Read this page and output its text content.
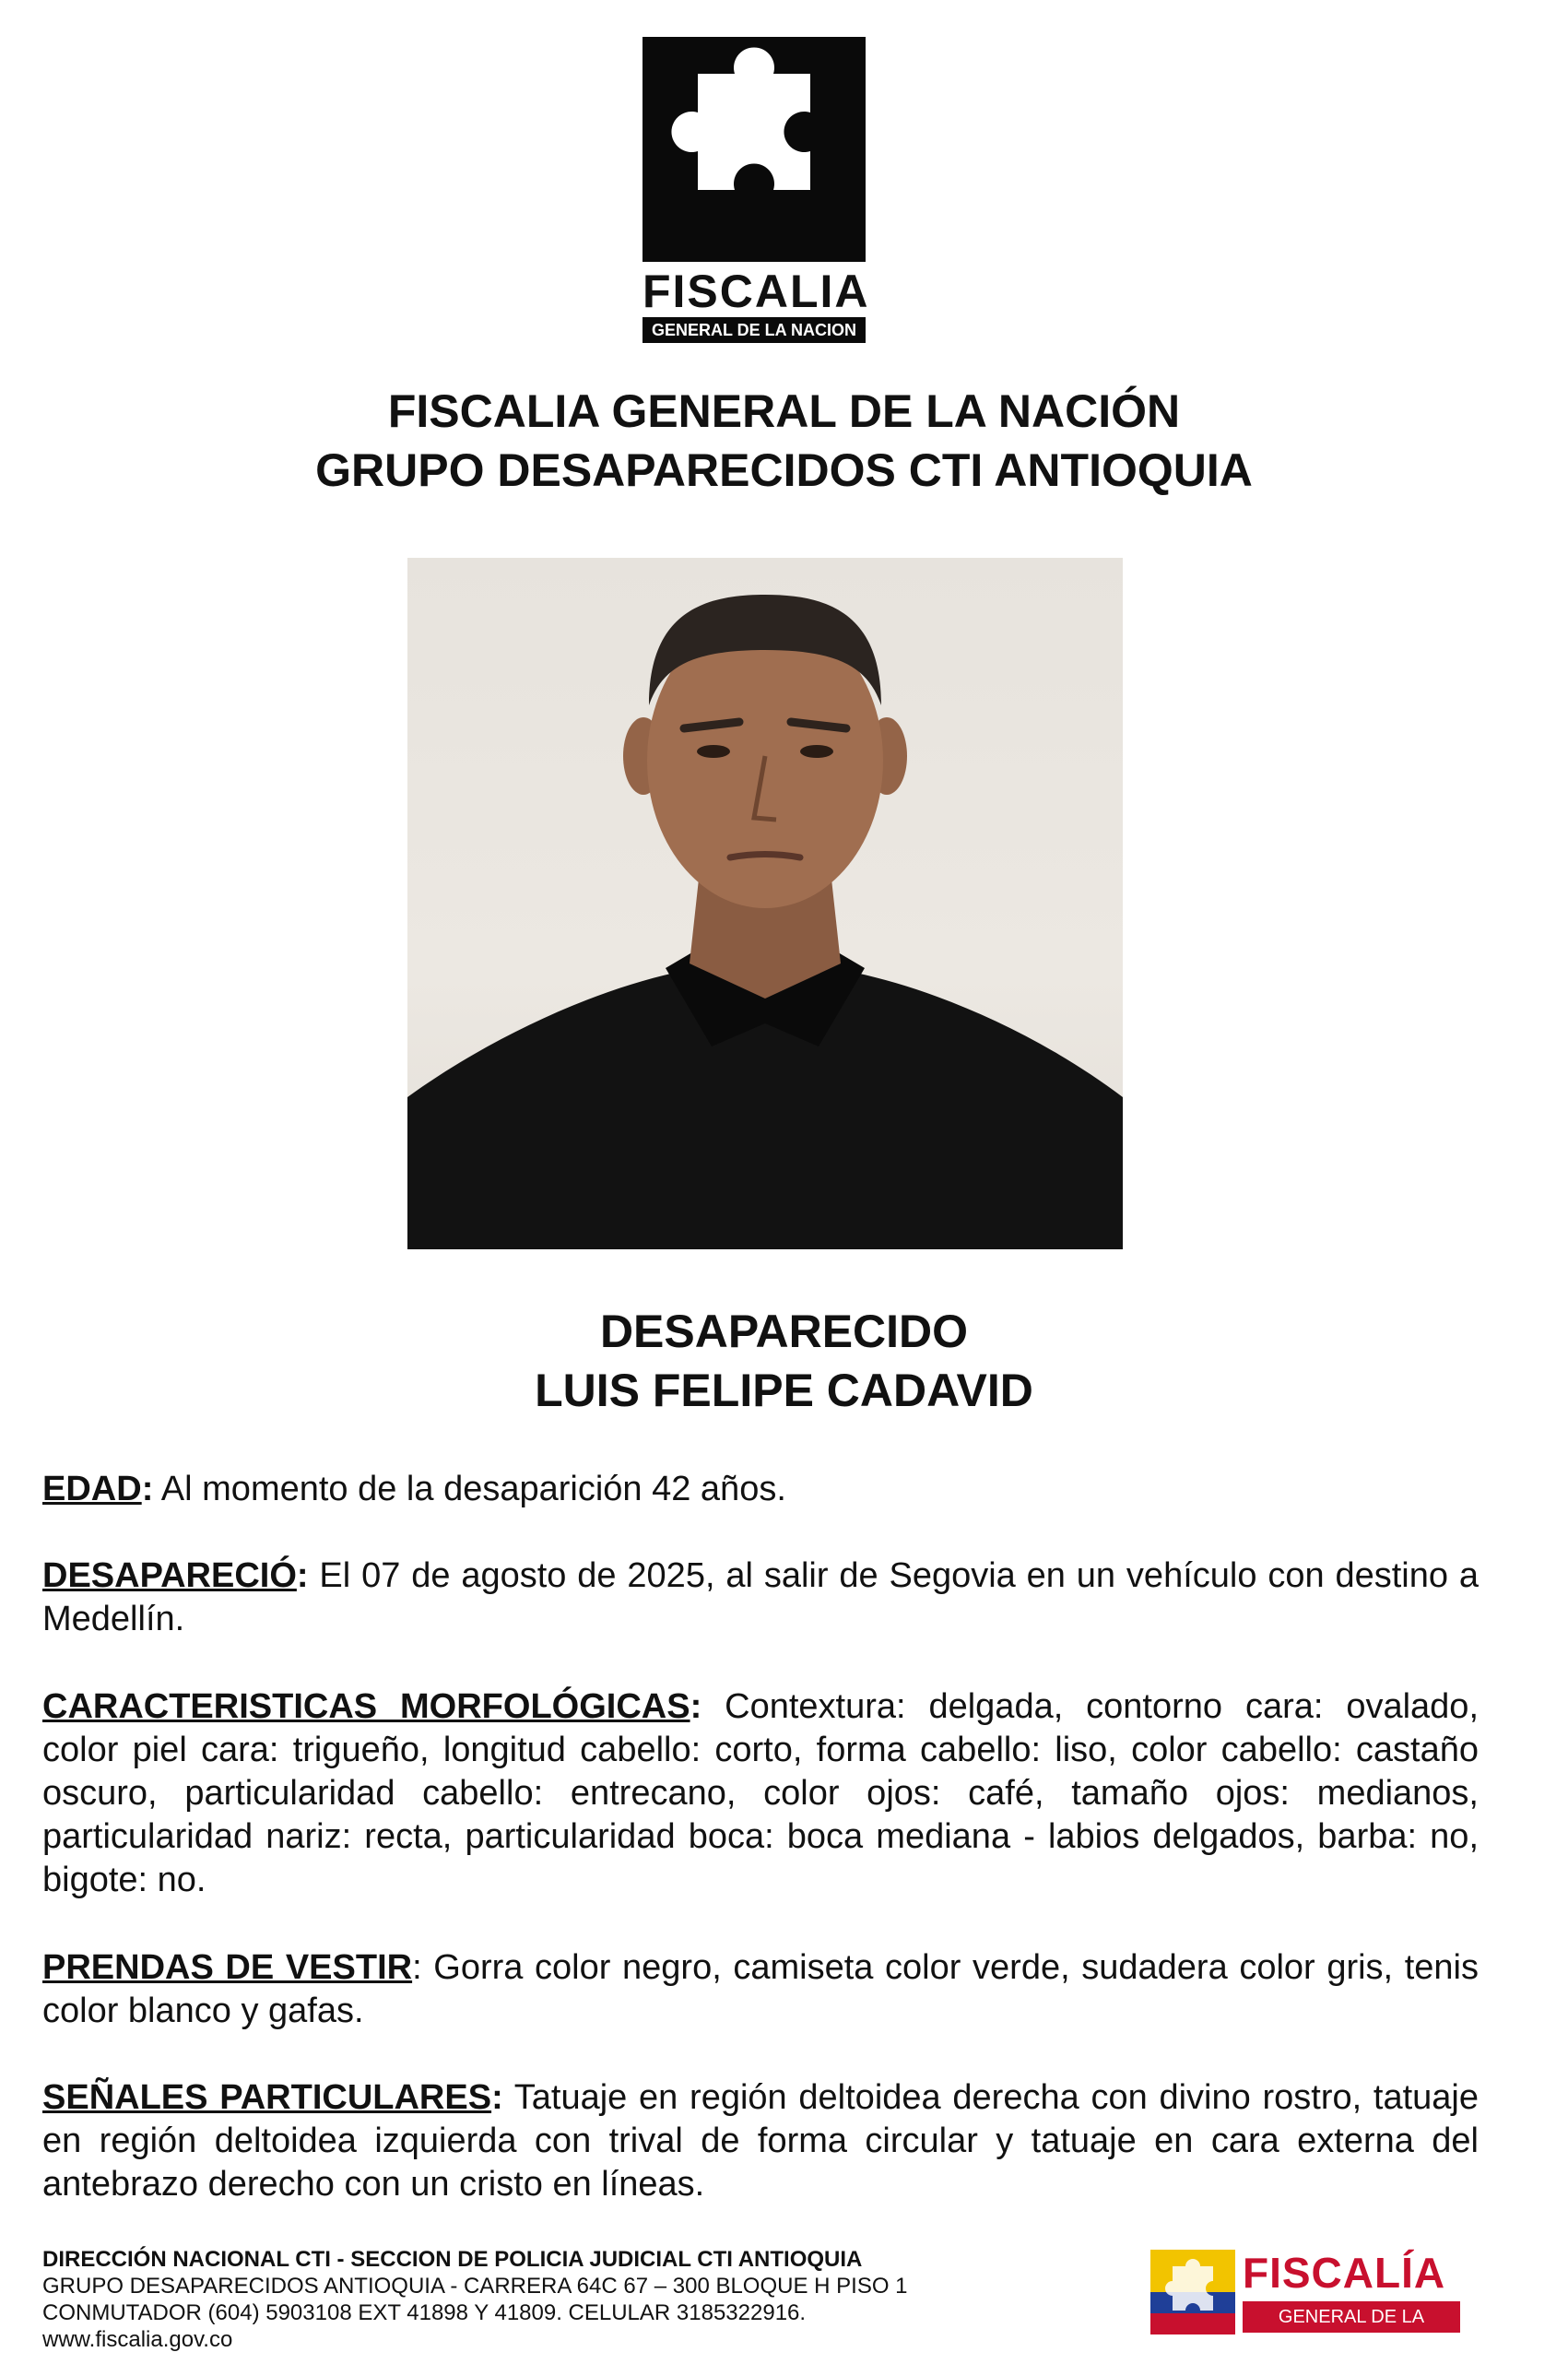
FISCALIA
GENERAL DE LA NACION
FISCALIA GENERAL DE LA NACIÓN
GRUPO DESAPARECIDOS CTI ANTIOQUIA
DESAPARECIDO
LUIS FELIPE CADAVID

EDAD: Al momento de la desaparición 42 años.

DESAPARECIÓ: El 07 de agosto de 2025, al salir de Segovia en un vehículo con destino a Medellín.

CARACTERISTICAS MORFOLÓGICAS: Contextura: delgada, contorno cara: ovalado, color piel cara: trigueño, longitud cabello: corto, forma cabello: liso, color cabello: castaño oscuro, particularidad cabello: entrecano, color ojos: café, tamaño ojos: medianos, particularidad nariz: recta, particularidad boca: boca mediana - labios delgados, barba: no, bigote: no.

PRENDAS DE VESTIR: Gorra color negro, camiseta color verde, sudadera color gris, tenis color blanco y gafas.

SEÑALES PARTICULARES: Tatuaje en región deltoidea derecha con divino rostro, tatuaje en región deltoidea izquierda con trival de forma circular y tatuaje en cara externa del antebrazo derecho con un cristo en líneas.

DIRECCIÓN NACIONAL CTI - SECCION DE POLICIA JUDICIAL CTI ANTIOQUIA
GRUPO DESAPARECIDOS ANTIOQUIA - CARRERA 64C 67 – 300 BLOQUE H PISO 1
CONMUTADOR (604) 5903108 EXT 41898 Y 41809. CELULAR 3185322916.
www.fiscalia.gov.co
FISCALÍA
GENERAL DE LA NACION
